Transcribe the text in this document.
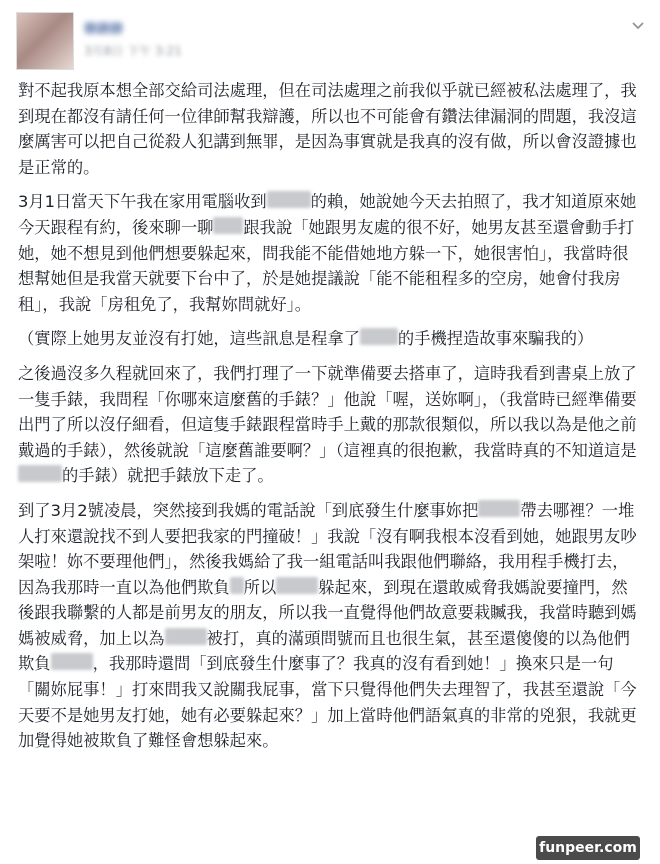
徐詩詩
3月8日 下午 3:21

對不起我原本想全部交給司法處理，但在司法處理之前我似乎就已經被私法處理了，我到現在都沒有請任何一位律師幫我辯護，所以也不可能會有鑽法律漏洞的問題，我沒這麼厲害可以把自己從殺人犯講到無罪，是因為事實就是我真的沒有做，所以會沒證據也是正常的。

3月1日當天下午我在家用電腦收到	的賴，她說她今天去拍照了，我才知道原來她今天跟程有約，後來聊一聊 跟我說「她跟男友處的很不好，她男友甚至還會動手打她，她不想見到他們想要躲起來，問我能不能借她地方躲一下，她很害怕」，我當時很想幫她但是我當天就要下台中了，於是她提議說「能不能租程多的空房，她會付我房租」，我說「房租免了，我幫妳問就好」。

（實際上她男友並沒有打她，這些訊息是程拿了 的手機捏造故事來騙我的）

之後過沒多久程就回來了，我們打理了一下就準備要去搭車了，這時我看到書桌上放了一隻手錶，我問程「你哪來這麼舊的手錶？」他說「喔，送妳啊」，（我當時已經準備要出門了所以沒仔細看，但這隻手錶跟程當時手上戴的那款很類似，所以我以為是他之前戴過的手錶），然後就說「這麼舊誰要啊？」（這裡真的很抱歉，我當時真的不知道這是的手錶）就把手錶放下走了。

到了3月2號凌晨，突然接到我媽的電話說「到底發生什麼事妳把	帶去哪裡？一堆人打來還說找不到人要把我家的門撞破！」我說「沒有啊我根本沒看到她，她跟男友吵架啦！妳不要理他們」，然後我媽給了我一組電話叫我跟他們聯絡，我用程手機打去，因為我那時一直以為他們欺負 所以	躲起來，到現在還敢威脅我媽說要撞門，然後跟我聯繫的人都是前男友的朋友，所以我一直覺得他們故意要栽贓我，我當時聽到媽媽被威脅，加上以為	被打，真的滿頭問號而且也很生氣，甚至還傻傻的以為他們欺負	，我那時還問「到底發生什麼事了？我真的沒有看到她！」換來只是一句「關妳屁事！」打來問我又說關我屁事，當下只覺得他們失去理智了，我甚至還說「今天要不是她男友打她，她有必要躲起來？」加上當時他們語氣真的非常的兇狠，我就更加覺得她被欺負了難怪會想躲起來。

funpeer.com
